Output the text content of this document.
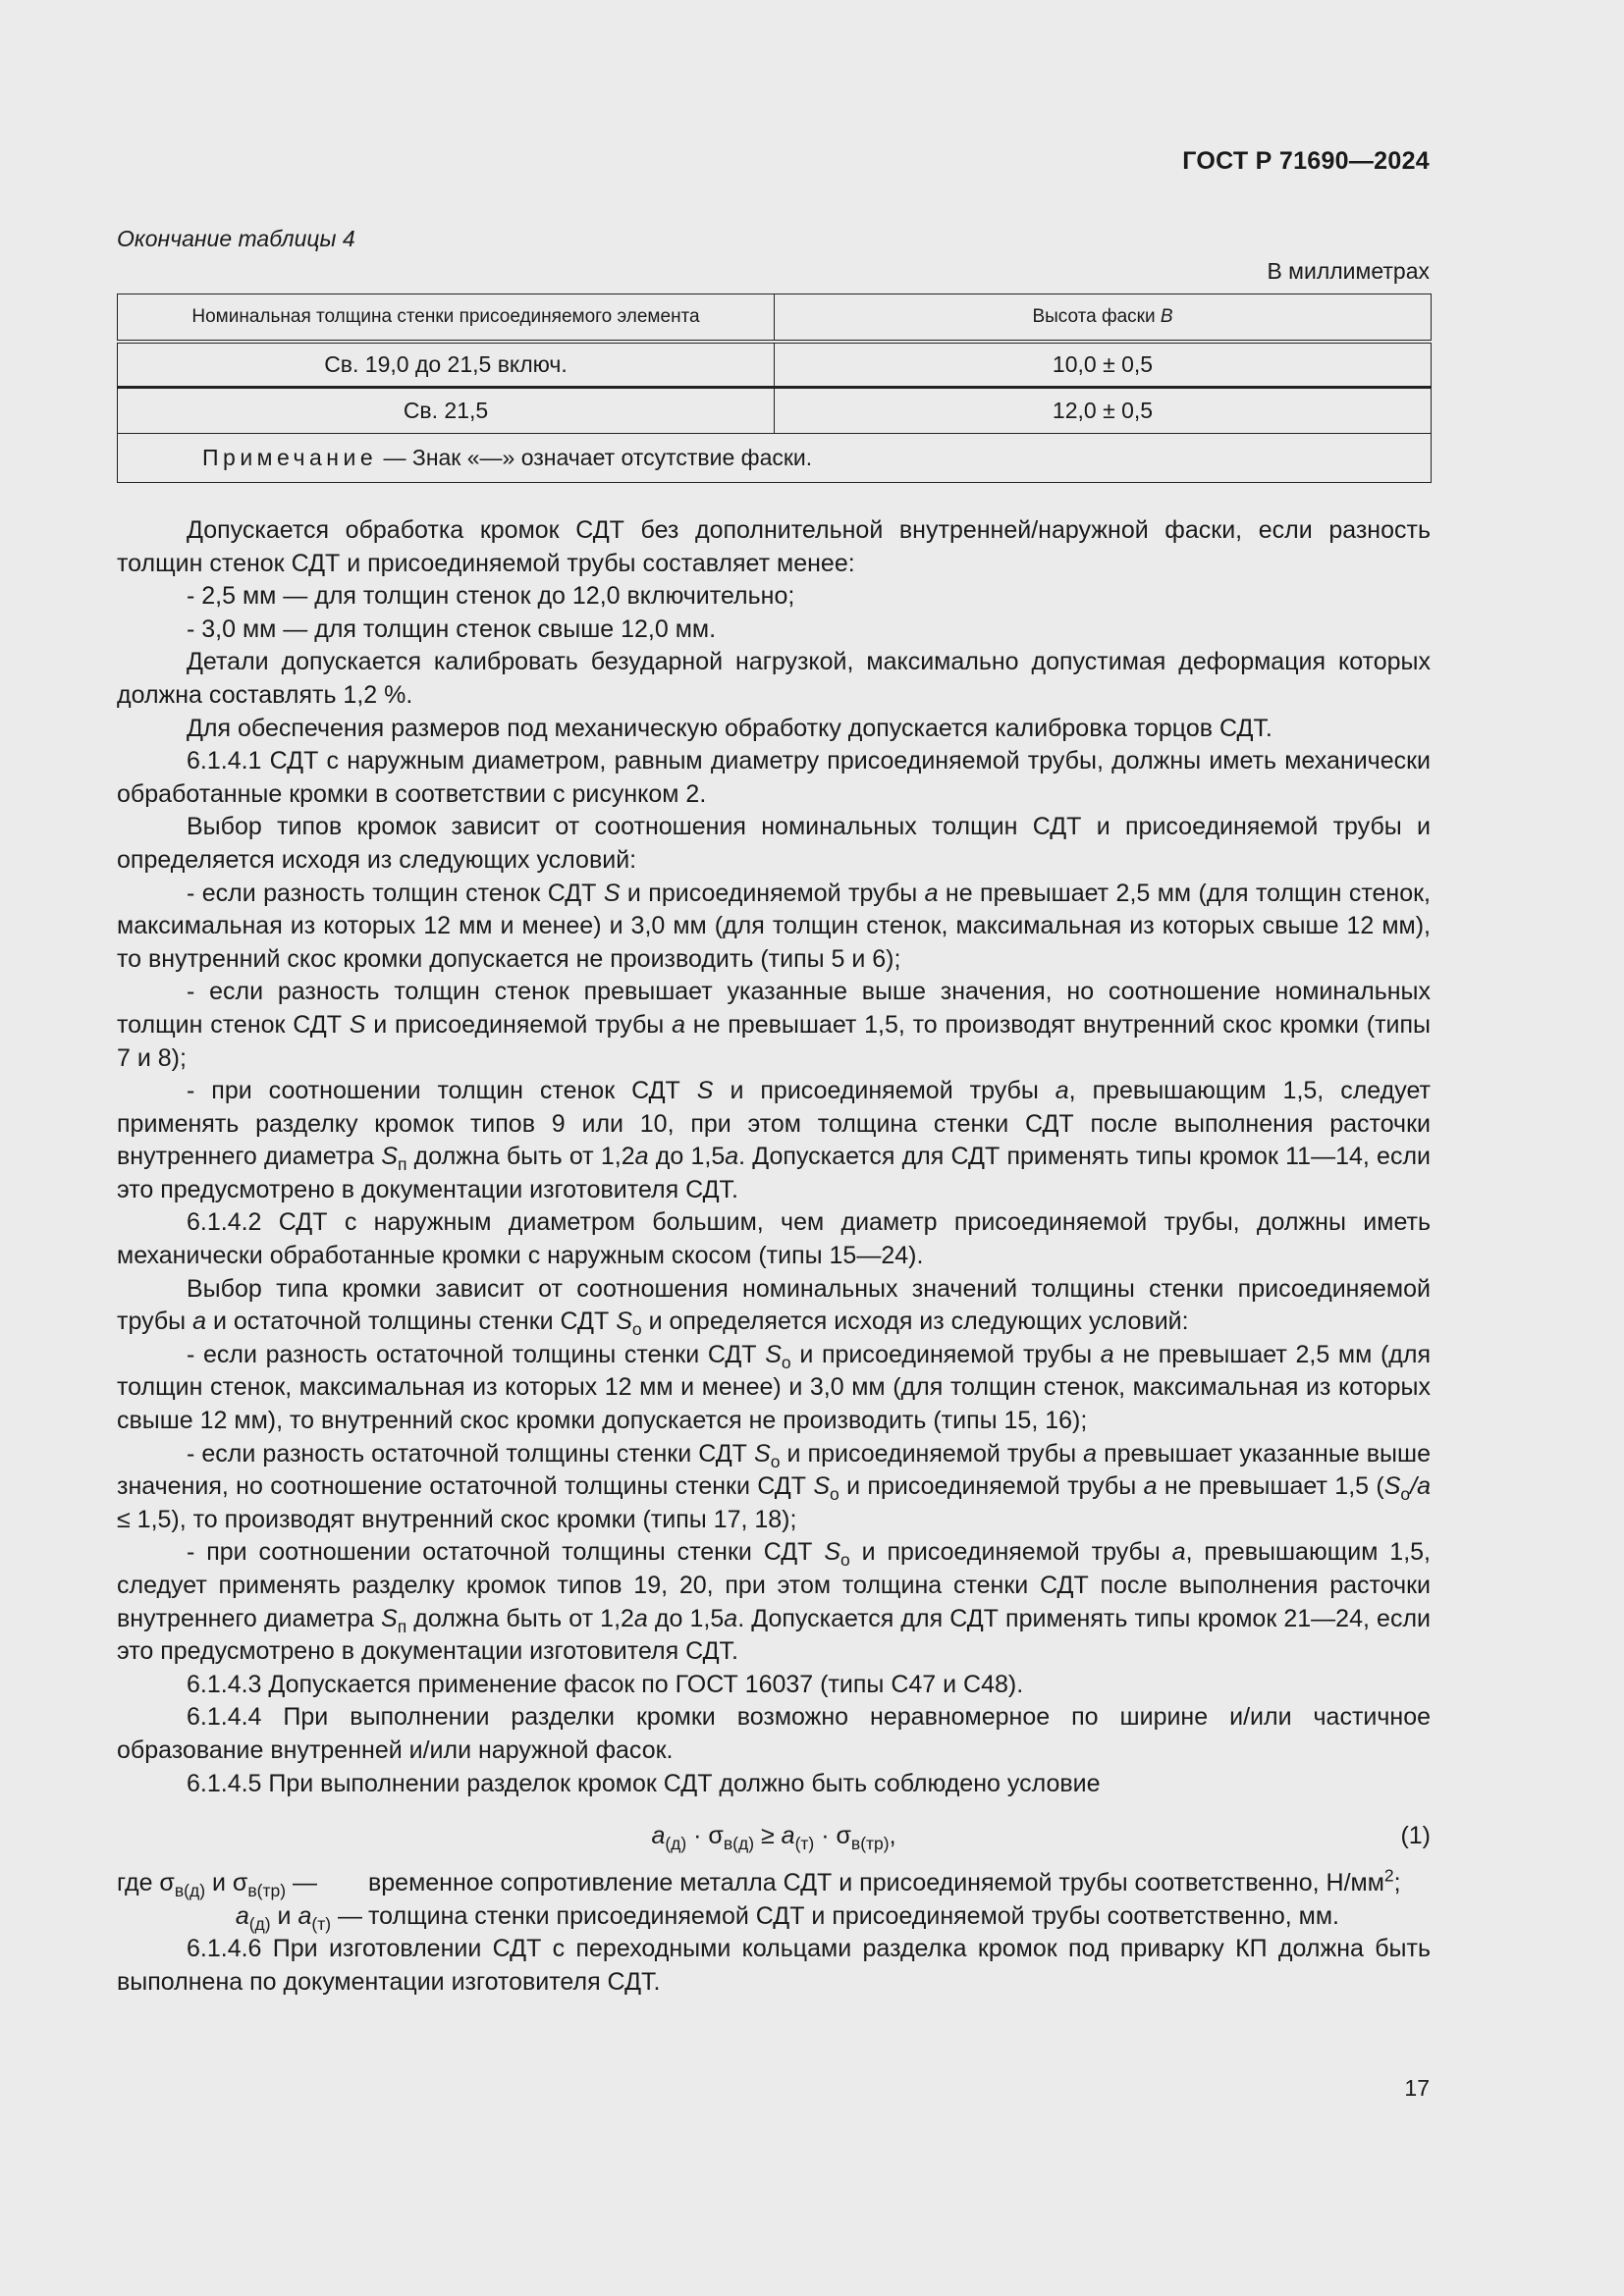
ГОСТ Р 71690—2024
Окончание таблицы 4
В миллиметрах
Номинальная толщина стенки присоединяемого элемента	Высота фаски B
Св. 19,0 до 21,5 включ.	10,0 ± 0,5
Св. 21,5	12,0 ± 0,5
Примечание — Знак «—» означает отсутствие фаски.	

Допускается обработка кромок СДТ без дополнительной внутренней/наружной фаски, если разность толщин стенок СДТ и присоединяемой трубы составляет менее:

- 2,5 мм — для толщин стенок до 12,0 включительно;

- 3,0 мм — для толщин стенок свыше 12,0 мм.

Детали допускается калибровать безударной нагрузкой, максимально допустимая деформация которых должна составлять 1,2 %.

Для обеспечения размеров под механическую обработку допускается калибровка торцов СДТ.

6.1.4.1 СДТ с наружным диаметром, равным диаметру присоединяемой трубы, должны иметь механически обработанные кромки в соответствии с рисунком 2.

Выбор типов кромок зависит от соотношения номинальных толщин СДТ и присоединяемой трубы и определяется исходя из следующих условий:

- если разность толщин стенок СДТ S и присоединяемой трубы a не превышает 2,5 мм (для толщин стенок, максимальная из которых 12 мм и менее) и 3,0 мм (для толщин стенок, максимальная из которых свыше 12 мм), то внутренний скос кромки допускается не производить (типы 5 и 6);

- если разность толщин стенок превышает указанные выше значения, но соотношение номинальных толщин стенок СДТ S и присоединяемой трубы a не превышает 1,5, то производят внутренний скос кромки (типы 7 и 8);

- при соотношении толщин стенок СДТ S и присоединяемой трубы a, превышающим 1,5, следует применять разделку кромок типов 9 или 10, при этом толщина стенки СДТ после выполнения расточки внутреннего диаметра $S_п$ должна быть от 1,2a до 1,5a. Допускается для СДТ применять типы кромок 11—14, если это предусмотрено в документации изготовителя СДТ.

6.1.4.2 СДТ с наружным диаметром большим, чем диаметр присоединяемой трубы, должны иметь механически обработанные кромки с наружным скосом (типы 15—24).

Выбор типа кромки зависит от соотношения номинальных значений толщины стенки присоединяемой трубы a и остаточной толщины стенки СДТ $S_о$ и определяется исходя из следующих условий:

- если разность остаточной толщины стенки СДТ $S_о$ и присоединяемой трубы a не превышает 2,5 мм (для толщин стенок, максимальная из которых 12 мм и менее) и 3,0 мм (для толщин стенок, максимальная из которых свыше 12 мм), то внутренний скос кромки допускается не производить (типы 15, 16);

- если разность остаточной толщины стенки СДТ $S_о$ и присоединяемой трубы a превышает указанные выше значения, но соотношение остаточной толщины стенки СДТ $S_о$ и присоединяемой трубы a не превышает 1,5 $(S_о/a \le 1,5)$, то производят внутренний скос кромки (типы 17, 18);

- при соотношении остаточной толщины стенки СДТ $S_о$ и присоединяемой трубы a, превышающим 1,5, следует применять разделку кромок типов 19, 20, при этом толщина стенки СДТ после выполнения расточки внутреннего диаметра $S_п$ должна быть от 1,2a до 1,5a. Допускается для СДТ применять типы кромок 21—24, если это предусмотрено в документации изготовителя СДТ.

6.1.4.3 Допускается применение фасок по ГОСТ 16037 (типы С47 и С48).

6.1.4.4 При выполнении разделки кромки возможно неравномерное по ширине и/или частичное образование внутренней и/или наружной фасок.

6.1.4.5 При выполнении разделок кромок СДТ должно быть соблюдено условие

$a_{(д)} \cdot \sigma_{в(д)} \ge a_{(т)} \cdot \sigma_{в(тр)}$,	(1)

где $\sigma_{в(д)}$ и $\sigma_{в(тр)}$ —	временное сопротивление металла СДТ и присоединяемой трубы соответственно, $Н/мм^2$;
$a_{(д)}$ и $a_{(т)}$ —	толщина стенки присоединяемой СДТ и присоединяемой трубы соответственно, мм.

6.1.4.6 При изготовлении СДТ с переходными кольцами разделка кромок под приварку КП должна быть выполнена по документации изготовителя СДТ.

17
